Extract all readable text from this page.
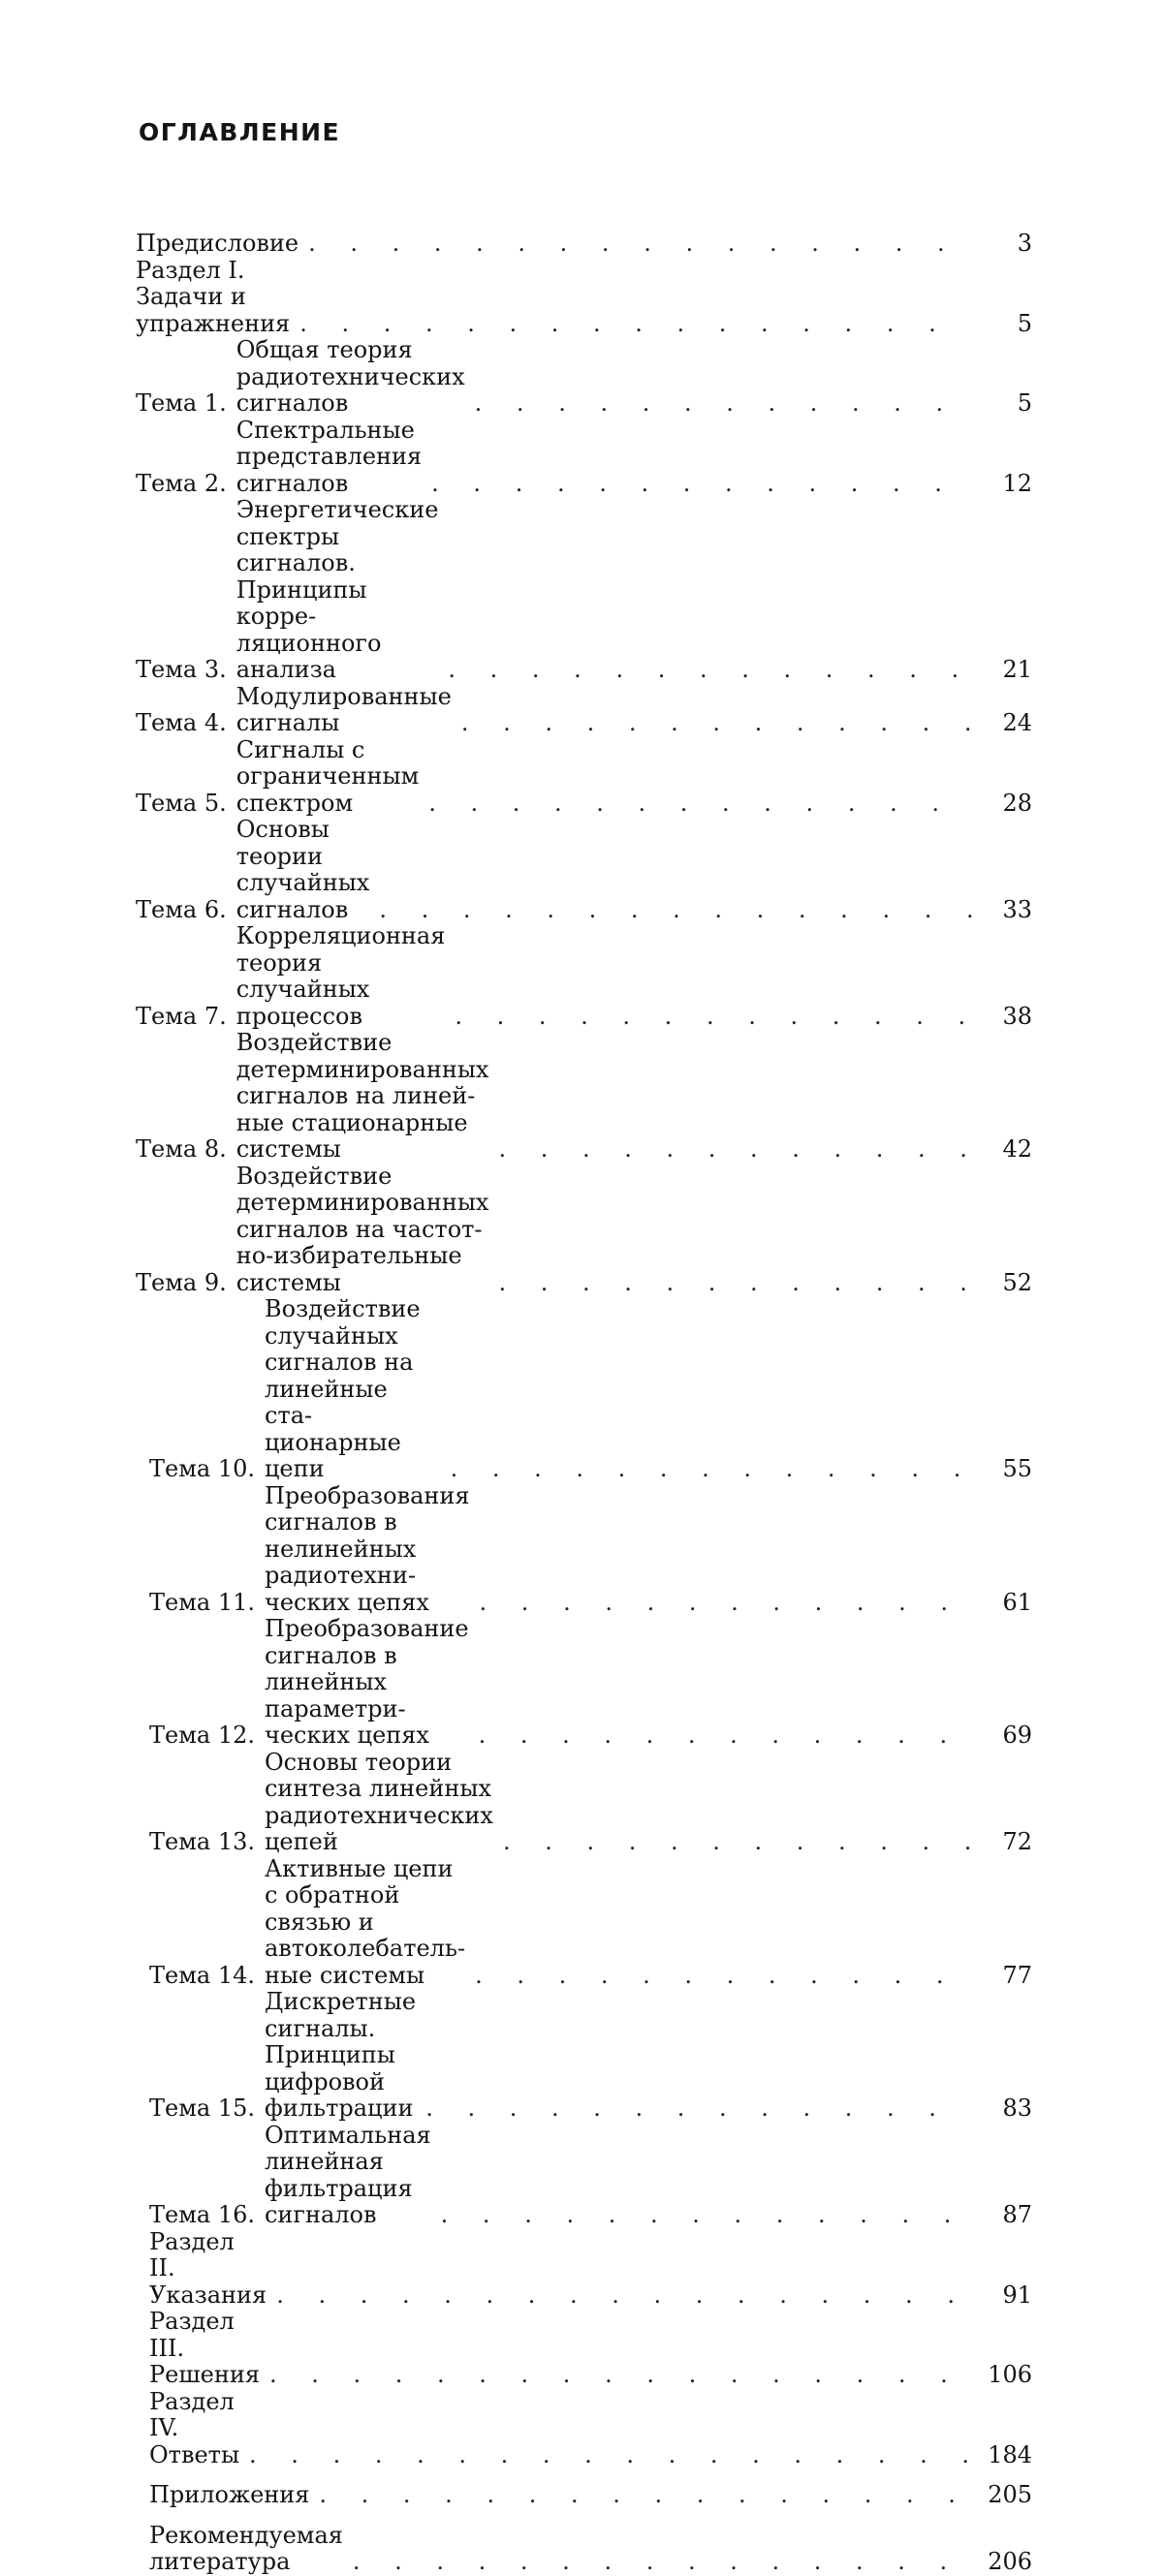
ОГЛАВЛЕНИЕ
Предисловие . . . . . . . . . . . . . . . .	3
Раздел I. Задачи и упражнения . . . . . . . . . . . . . . . .	5
Тема 1.
Общая теория радиотехнических сигналов	. . . . . . . . . . . .	5
Тема 2.
Спектральные представления сигналов	. . . . . . . . . . . . .	12
Тема 3.
Энергетические спектры сигналов. Принципы корре-ляционного анализа	. . . . . . . . . . . . .	21
Тема 4.
Модулированные сигналы	. . . . . . . . . . . .	24
Тема 5.
Сигналы с ограниченным спектром	. . . . . . . . . . . . .	28
Тема 6.
Основы теории случайных сигналов	. . . . . . . . . . . . . .	33
Тема 7.
Корреляционная теория случайных процессов	. . . . . . . . . . . .	38
Тема 8.
Воздействие детерминированных сигналов на линей-ные стационарные системы	. . . . . . . . . . .	42
Тема 9.
Воздействие детерминированных сигналов на частот-но-избирательные системы	. . . . . . . . . . .	52
Тема 10.
Воздействие случайных сигналов на линейные ста-ционарные цепи	. . . . . . . . . . . .	55
Тема 11.
Преобразования сигналов в нелинейных радиотехни-ческих цепях	. . . . . . . . . . . .	61
Тема 12.
Преобразование сигналов в линейных параметри-ческих цепях	. . . . . . . . . . . .	69
Тема 13.
Основы теории синтеза линейных радиотехнических цепей	. . . . . . . . . . .	72
Тема 14.
Активные цепи с обратной связью и автоколебатель-ные системы	. . . . . . . . . . . .	77
Тема 15.
Дискретные сигналы. Принципы цифровой фильтрации . . . . . . . . . . . . .	83
Тема 16.
Оптимальная линейная фильтрация сигналов	. . . . . . . . . . . . .	87
Раздел II. Указания . . . . . . . . . . . . . . . . .	91
Раздел III. Решения . . . . . . . . . . . . . . . . .	106
Раздел IV. Ответы . . . . . . . . . . . . . . . . .	184
Приложения . . . . . . . . . . . . . . . . 205
Рекомендуемая литература	. . . . . . . . . . . . . . .	206
